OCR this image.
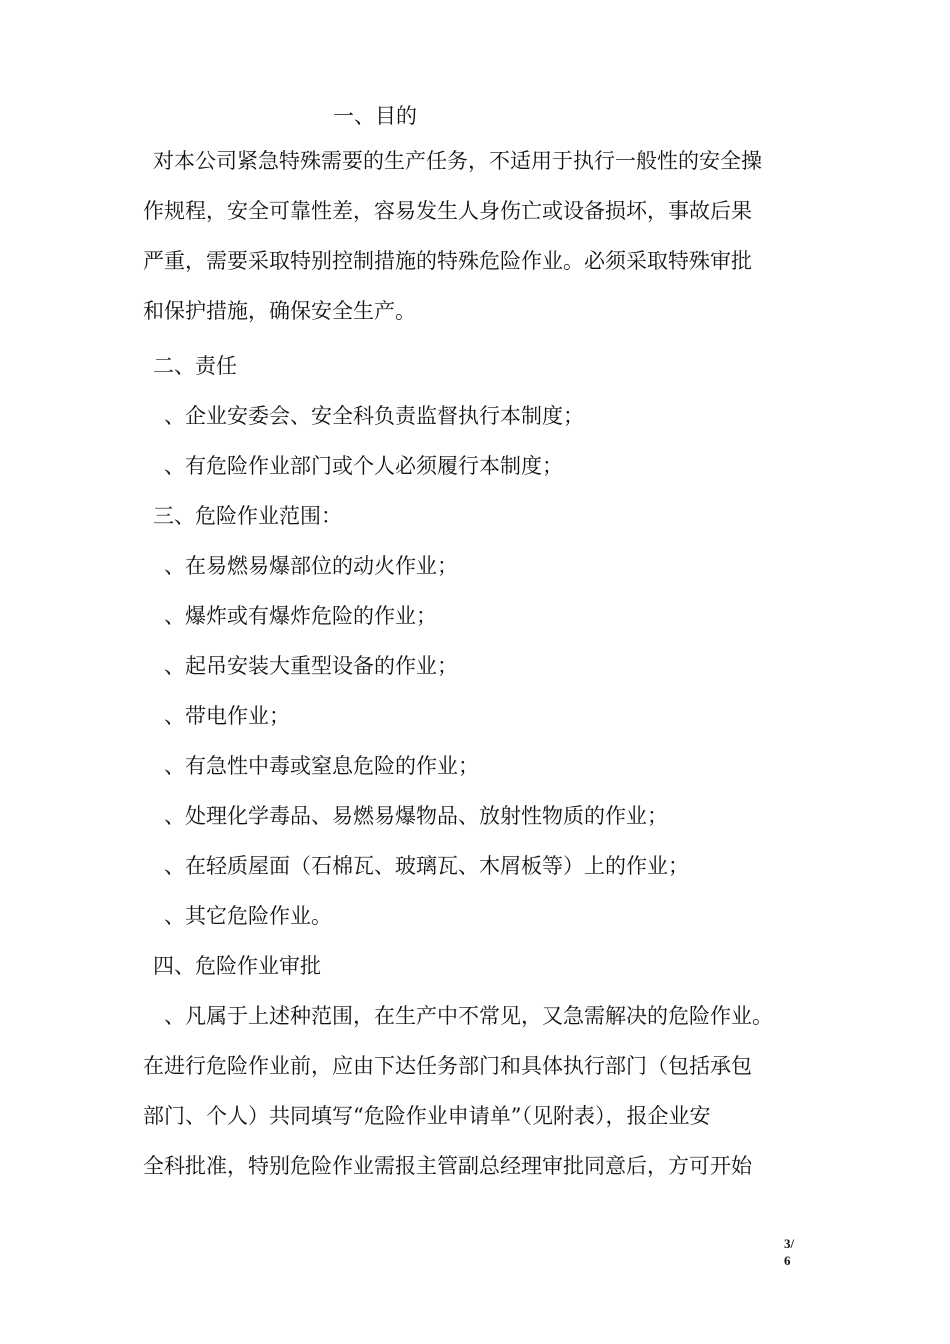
一、目的
对本公司紧急特殊需要的生产任务，不适用于执行一般性的安全操
作规程，安全可靠性差，容易发生人身伤亡或设备损坏，事故后果
严重，需要采取特别控制措施的特殊危险作业。必须采取特殊审批
和保护措施，确保安全生产。
二、责任
、企业安委会、安全科负责监督执行本制度；
、有危险作业部门或个人必须履行本制度；
三、危险作业范围：
、在易燃易爆部位的动火作业；
、爆炸或有爆炸危险的作业；
、起吊安装大重型设备的作业；
、带电作业；
、有急性中毒或窒息危险的作业；
、处理化学毒品、易燃易爆物品、放射性物质的作业；
、在轻质屋面（石棉瓦、玻璃瓦、木屑板等）上的作业；
、其它危险作业。
四、危险作业审批
、凡属于上述种范围，在生产中不常见，又急需解决的危险作业。
在进行危险作业前，应由下达任务部门和具体执行部门（包括承包
部门、个人）共同填写“危险作业申请单”（见附表），报企业安
全科批准，特别危险作业需报主管副总经理审批同意后，方可开始
3/
6
